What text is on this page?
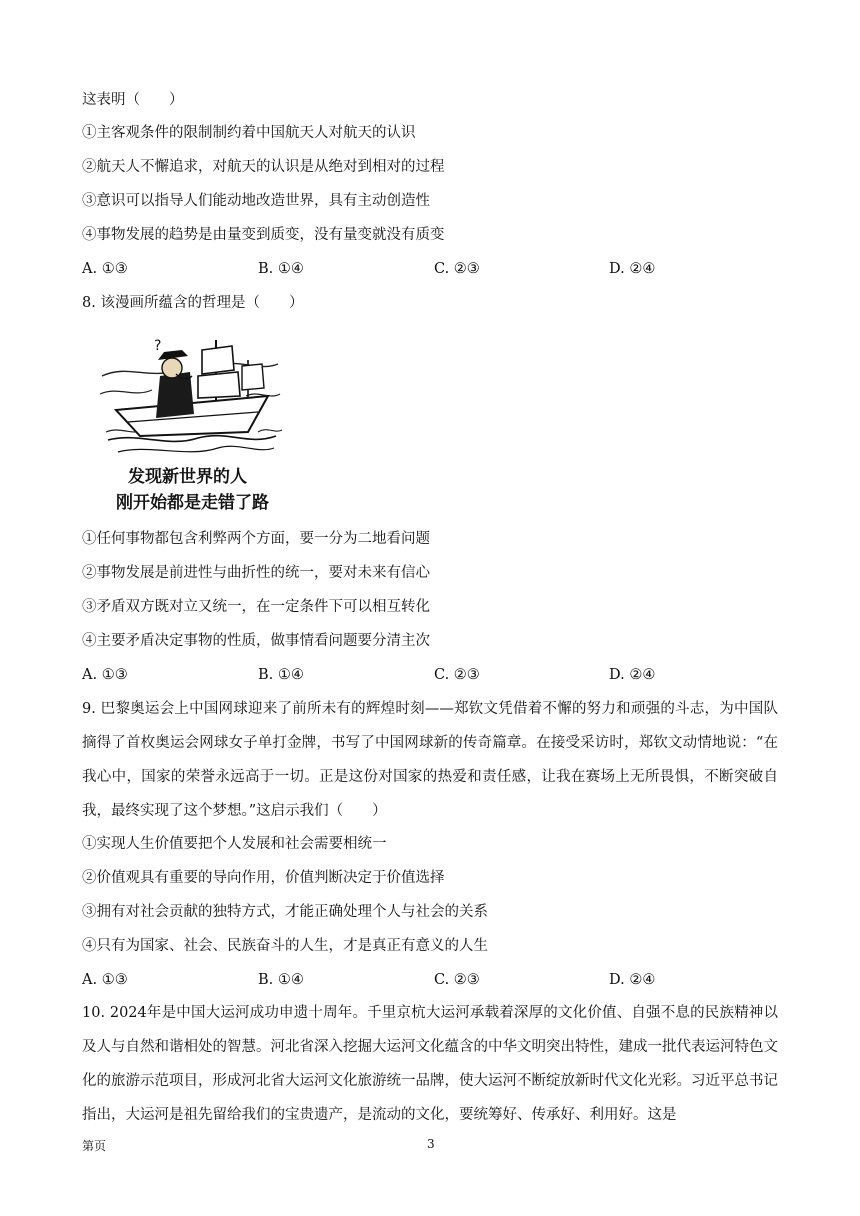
这表明（　　）
①主客观条件的限制制约着中国航天人对航天的认识
②航天人不懈追求，对航天的认识是从绝对到相对的过程
③意识可以指导人们能动地改造世界，具有主动创造性
④事物发展的趋势是由量变到质变，没有量变就没有质变
A. ①③	B. ①④	C. ②③	D. ②④
8. 该漫画所蕴含的哲理是（　　）
?
发现新世界的人
刚开始都是走错了路
①任何事物都包含利弊两个方面，要一分为二地看问题
②事物发展是前进性与曲折性的统一，要对未来有信心
③矛盾双方既对立又统一，在一定条件下可以相互转化
④主要矛盾决定事物的性质，做事情看问题要分清主次
A. ①③	B. ①④	C. ②③	D. ②④
9. 巴黎奥运会上中国网球迎来了前所未有的辉煌时刻——郑钦文凭借着不懈的努力和顽强的斗志，为中国队摘得了首枚奥运会网球女子单打金牌，书写了中国网球新的传奇篇章。在接受采访时，郑钦文动情地说：“在我心中，国家的荣誉永远高于一切。正是这份对国家的热爱和责任感，让我在赛场上无所畏惧，不断突破自我，最终实现了这个梦想。”这启示我们（　　）
①实现人生价值要把个人发展和社会需要相统一
②价值观具有重要的导向作用，价值判断决定于价值选择
③拥有对社会贡献的独特方式，才能正确处理个人与社会的关系
④只有为国家、社会、民族奋斗的人生，才是真正有意义的人生
A. ①③	B. ①④	C. ②③	D. ②④
10. 2024年是中国大运河成功申遗十周年。千里京杭大运河承载着深厚的文化价值、自强不息的民族精神以及人与自然和谐相处的智慧。河北省深入挖掘大运河文化蕴含的中华文明突出特性，建成一批代表运河特色文化的旅游示范项目，形成河北省大运河文化旅游统一品牌，使大运河不断绽放新时代文化光彩。习近平总书记指出，大运河是祖先留给我们的宝贵遗产，是流动的文化，要统筹好、传承好、利用好。这是
第页	3
